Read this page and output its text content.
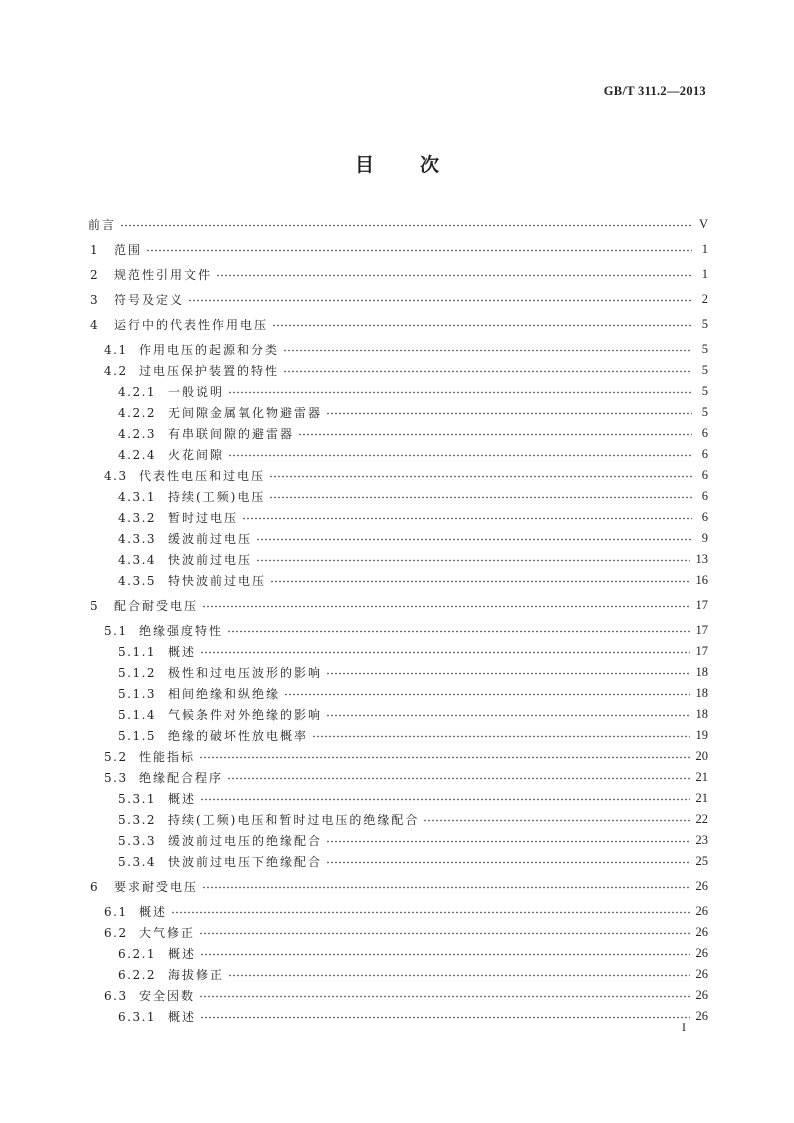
GB/T 311.2—2013
目次
前言	V
1	范围	1
2	规范性引用文件	1
3	符号及定义	2
4	运行中的代表性作用电压	5
4.1 作用电压的起源和分类	5
4.2 过电压保护装置的特性	5
4.2.1 一般说明	5
4.2.2 无间隙金属氧化物避雷器	5
4.2.3 有串联间隙的避雷器	6
4.2.4 火花间隙	6
4.3 代表性电压和过电压	6
4.3.1 持续(工频)电压	6
4.3.2 暂时过电压	6
4.3.3 缓波前过电压	9
4.3.4 快波前过电压	13
4.3.5 特快波前过电压	16
5	配合耐受电压	17
5.1 绝缘强度特性	17
5.1.1 概述	17
5.1.2 极性和过电压波形的影响	18
5.1.3 相间绝缘和纵绝缘	18
5.1.4 气候条件对外绝缘的影响	18
5.1.5 绝缘的破坏性放电概率	19
5.2 性能指标	20
5.3 绝缘配合程序	21
5.3.1 概述	21
5.3.2 持续(工频)电压和暂时过电压的绝缘配合	22
5.3.3 缓波前过电压的绝缘配合	23
5.3.4 快波前过电压下绝缘配合	25
6	要求耐受电压	26
6.1 概述	26
6.2 大气修正	26
6.2.1 概述	26
6.2.2 海拔修正	26
6.3 安全因数	26
6.3.1 概述	26
I
